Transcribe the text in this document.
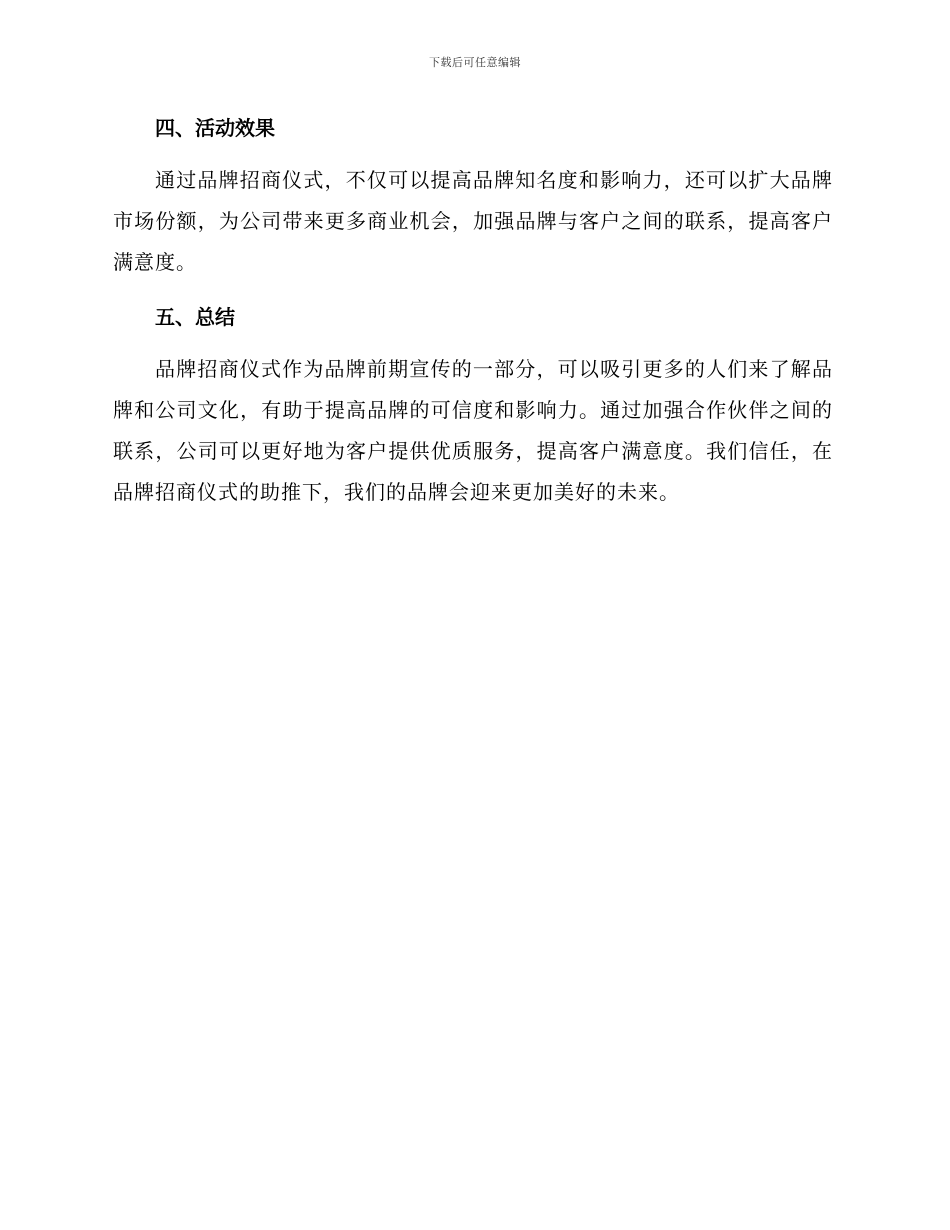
下载后可任意编辑
四、活动效果

通过品牌招商仪式，不仅可以提高品牌知名度和影响力，还可以扩大品牌市场份额，为公司带来更多商业机会，加强品牌与客户之间的联系，提高客户满意度。

五、总结

品牌招商仪式作为品牌前期宣传的一部分，可以吸引更多的人们来了解品牌和公司文化，有助于提高品牌的可信度和影响力。通过加强合作伙伴之间的联系，公司可以更好地为客户提供优质服务，提高客户满意度。我们信任，在品牌招商仪式的助推下，我们的品牌会迎来更加美好的未来。
